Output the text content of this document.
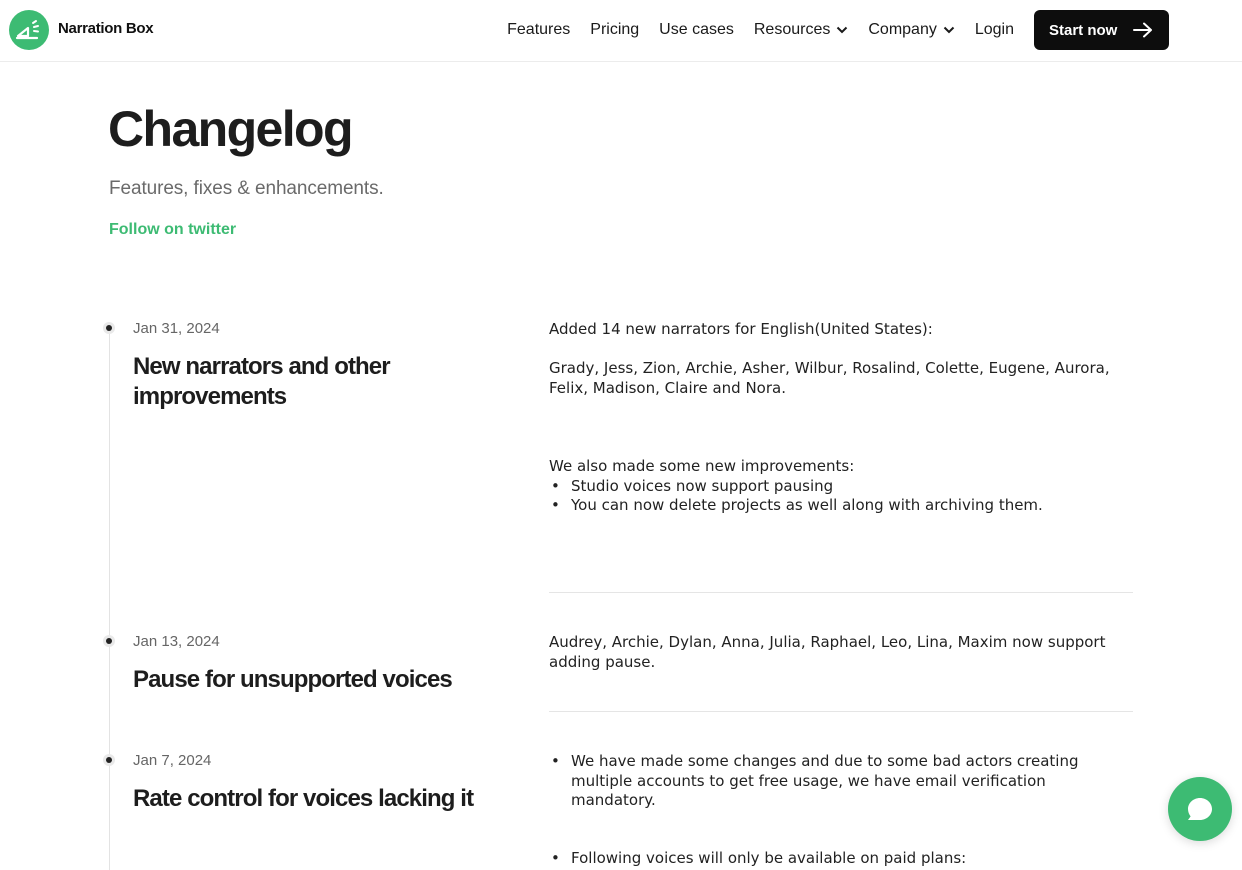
Narration Box	Features Pricing Use cases Resources Company Login Start now
Changelog
Features, fixes & enhancements.
Follow on twitter
Jan 31, 2024
New narrators and other improvements

Added 14 new narrators for English(United States):

Grady, Jess, Zion, Archie, Asher, Wilbur, Rosalind, Colette, Eugene, Aurora, Felix, Madison, Claire and Nora.

We also made some new improvements:

• Studio voices now support pausing
• You can now delete projects as well along with archiving them.
Jan 13, 2024
Pause for unsupported voices

Audrey, Archie, Dylan, Anna, Julia, Raphael, Leo, Lina, Maxim now support adding pause.

Jan 7, 2024
Rate control for voices lacking it
• We have made some changes and due to some bad actors creating multiple accounts to get free usage, we have email verification mandatory.
• Following voices will only be available on paid plans:
